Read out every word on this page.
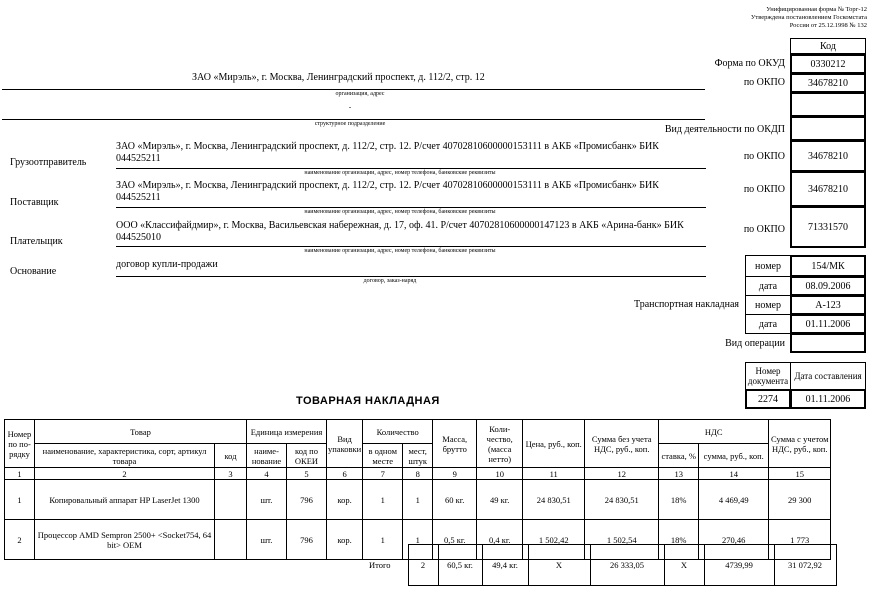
Унифицированная форма № Торг-12
Утверждена постановлением Госкомстата
России от 25.12.1998 № 132
Код
Форма по ОКУД	0330212
по ОКПО	34678210
Вид деятельности по ОКДП
по ОКПО	34678210
по ОКПО	34678210
по ОКПО	71331570
номер	154/МК
дата	08.09.2006
Транспортная накладная	номер	А-123
дата	01.11.2006
Вид операции
ЗАО «Мирэль», г. Москва, Ленинградский проспект, д. 112/2, стр. 12
организация, адрес
-
структурное подразделение
Грузоотправитель
ЗАО «Мирэль», г. Москва, Ленинградский проспект, д. 112/2, стр. 12. Р/счет 40702810600000153111 в АКБ «Промисбанк» БИК 044525211
наименование организации, адрес, номер телефона, банковские реквизиты
Поставщик
ЗАО «Мирэль», г. Москва, Ленинградский проспект, д. 112/2, стр. 12. Р/счет 40702810600000153111 в АКБ «Промисбанк» БИК 044525211
наименование организации, адрес, номер телефона, банковские реквизиты
Плательщик
ООО «Классифайдмир», г. Москва, Васильевская набережная, д. 17, оф. 41. Р/счет 40702810600000147123 в АКБ «Арина-банк» БИК 044525010
наименование организации, адрес, номер телефона, банковские реквизиты
Основание
договор купли-продажи
договор, заказ-наряд
Номер документа Дата составления
2274	01.11.2006
ТОВАРНАЯ НАКЛАДНАЯ
Номер по по-рядку	Товар		Единица измерения		Вид упаковки	Количество		Масса, брутто	Коли-чество, (масса нетто)	Цена, руб., коп.	Сумма без учета НДС, руб., коп.	НДС		Сумма с учетом НДС, руб., коп.
	наименование, характеристика, сорт, артикул товара	код	наиме-нование	код по ОКЕИ		в одном месте	мест, штук					ставка, %	сумма, руб., коп.	
1	2	3	4	5	6	7	8	9	10	11	12	13	14	15
1	Копировальный аппарат HP LaserJet 1300		шт.	796	кор.	1	1	60 кг.	49 кг.	24 830,51	24 830,51	18%	4 469,49	29 300
2	Процессор AMD Sempron 2500+ <Socket754, 64 bit> OEM		шт.	796	кор.	1	1	0,5 кг.	0,4 кг.	1 502,42	1 502,54	18%	270,46	1 773
Итого	2	60,5 кг.	49,4 кг.	X	26 333,05	X	4739,99	31 072,92
